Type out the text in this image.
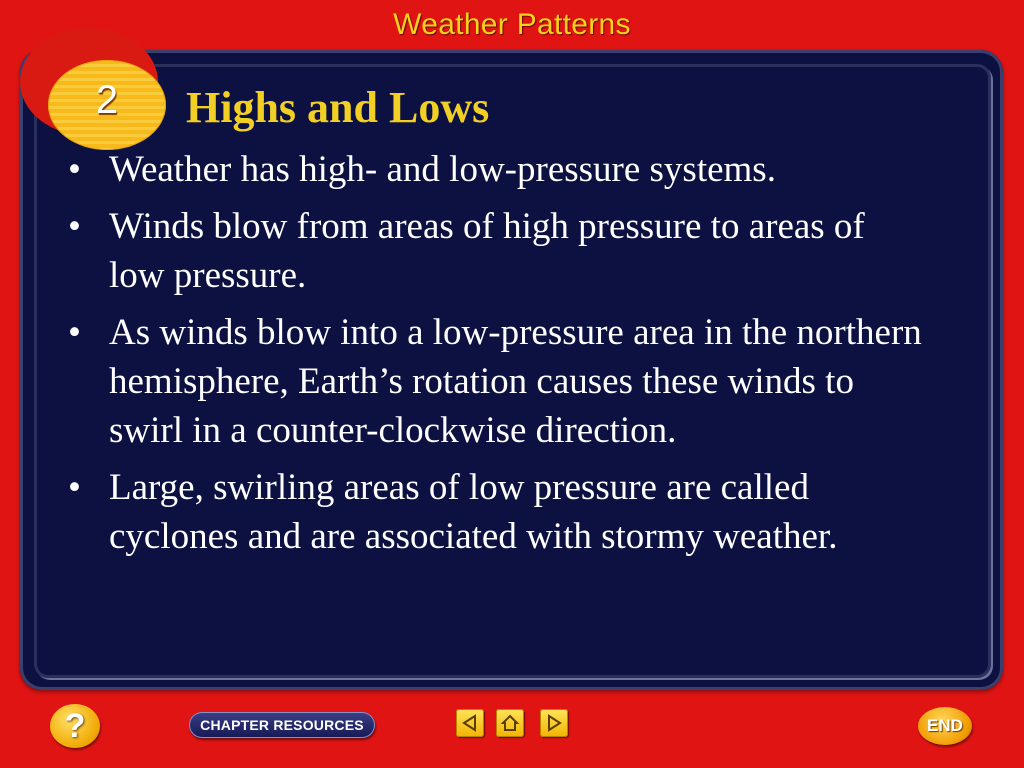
Weather Patterns
2	Highs and Lows
• Weather has high- and low-pressure systems.
• Winds blow from areas of high pressure to areas of low pressure.
• As winds blow into a low-pressure area in the northern hemisphere, Earth’s rotation causes these winds to swirl in a counter-clockwise direction.
• Large, swirling areas of low pressure are called cyclones and are associated with stormy weather.
?	CHAPTER RESOURCES	END
